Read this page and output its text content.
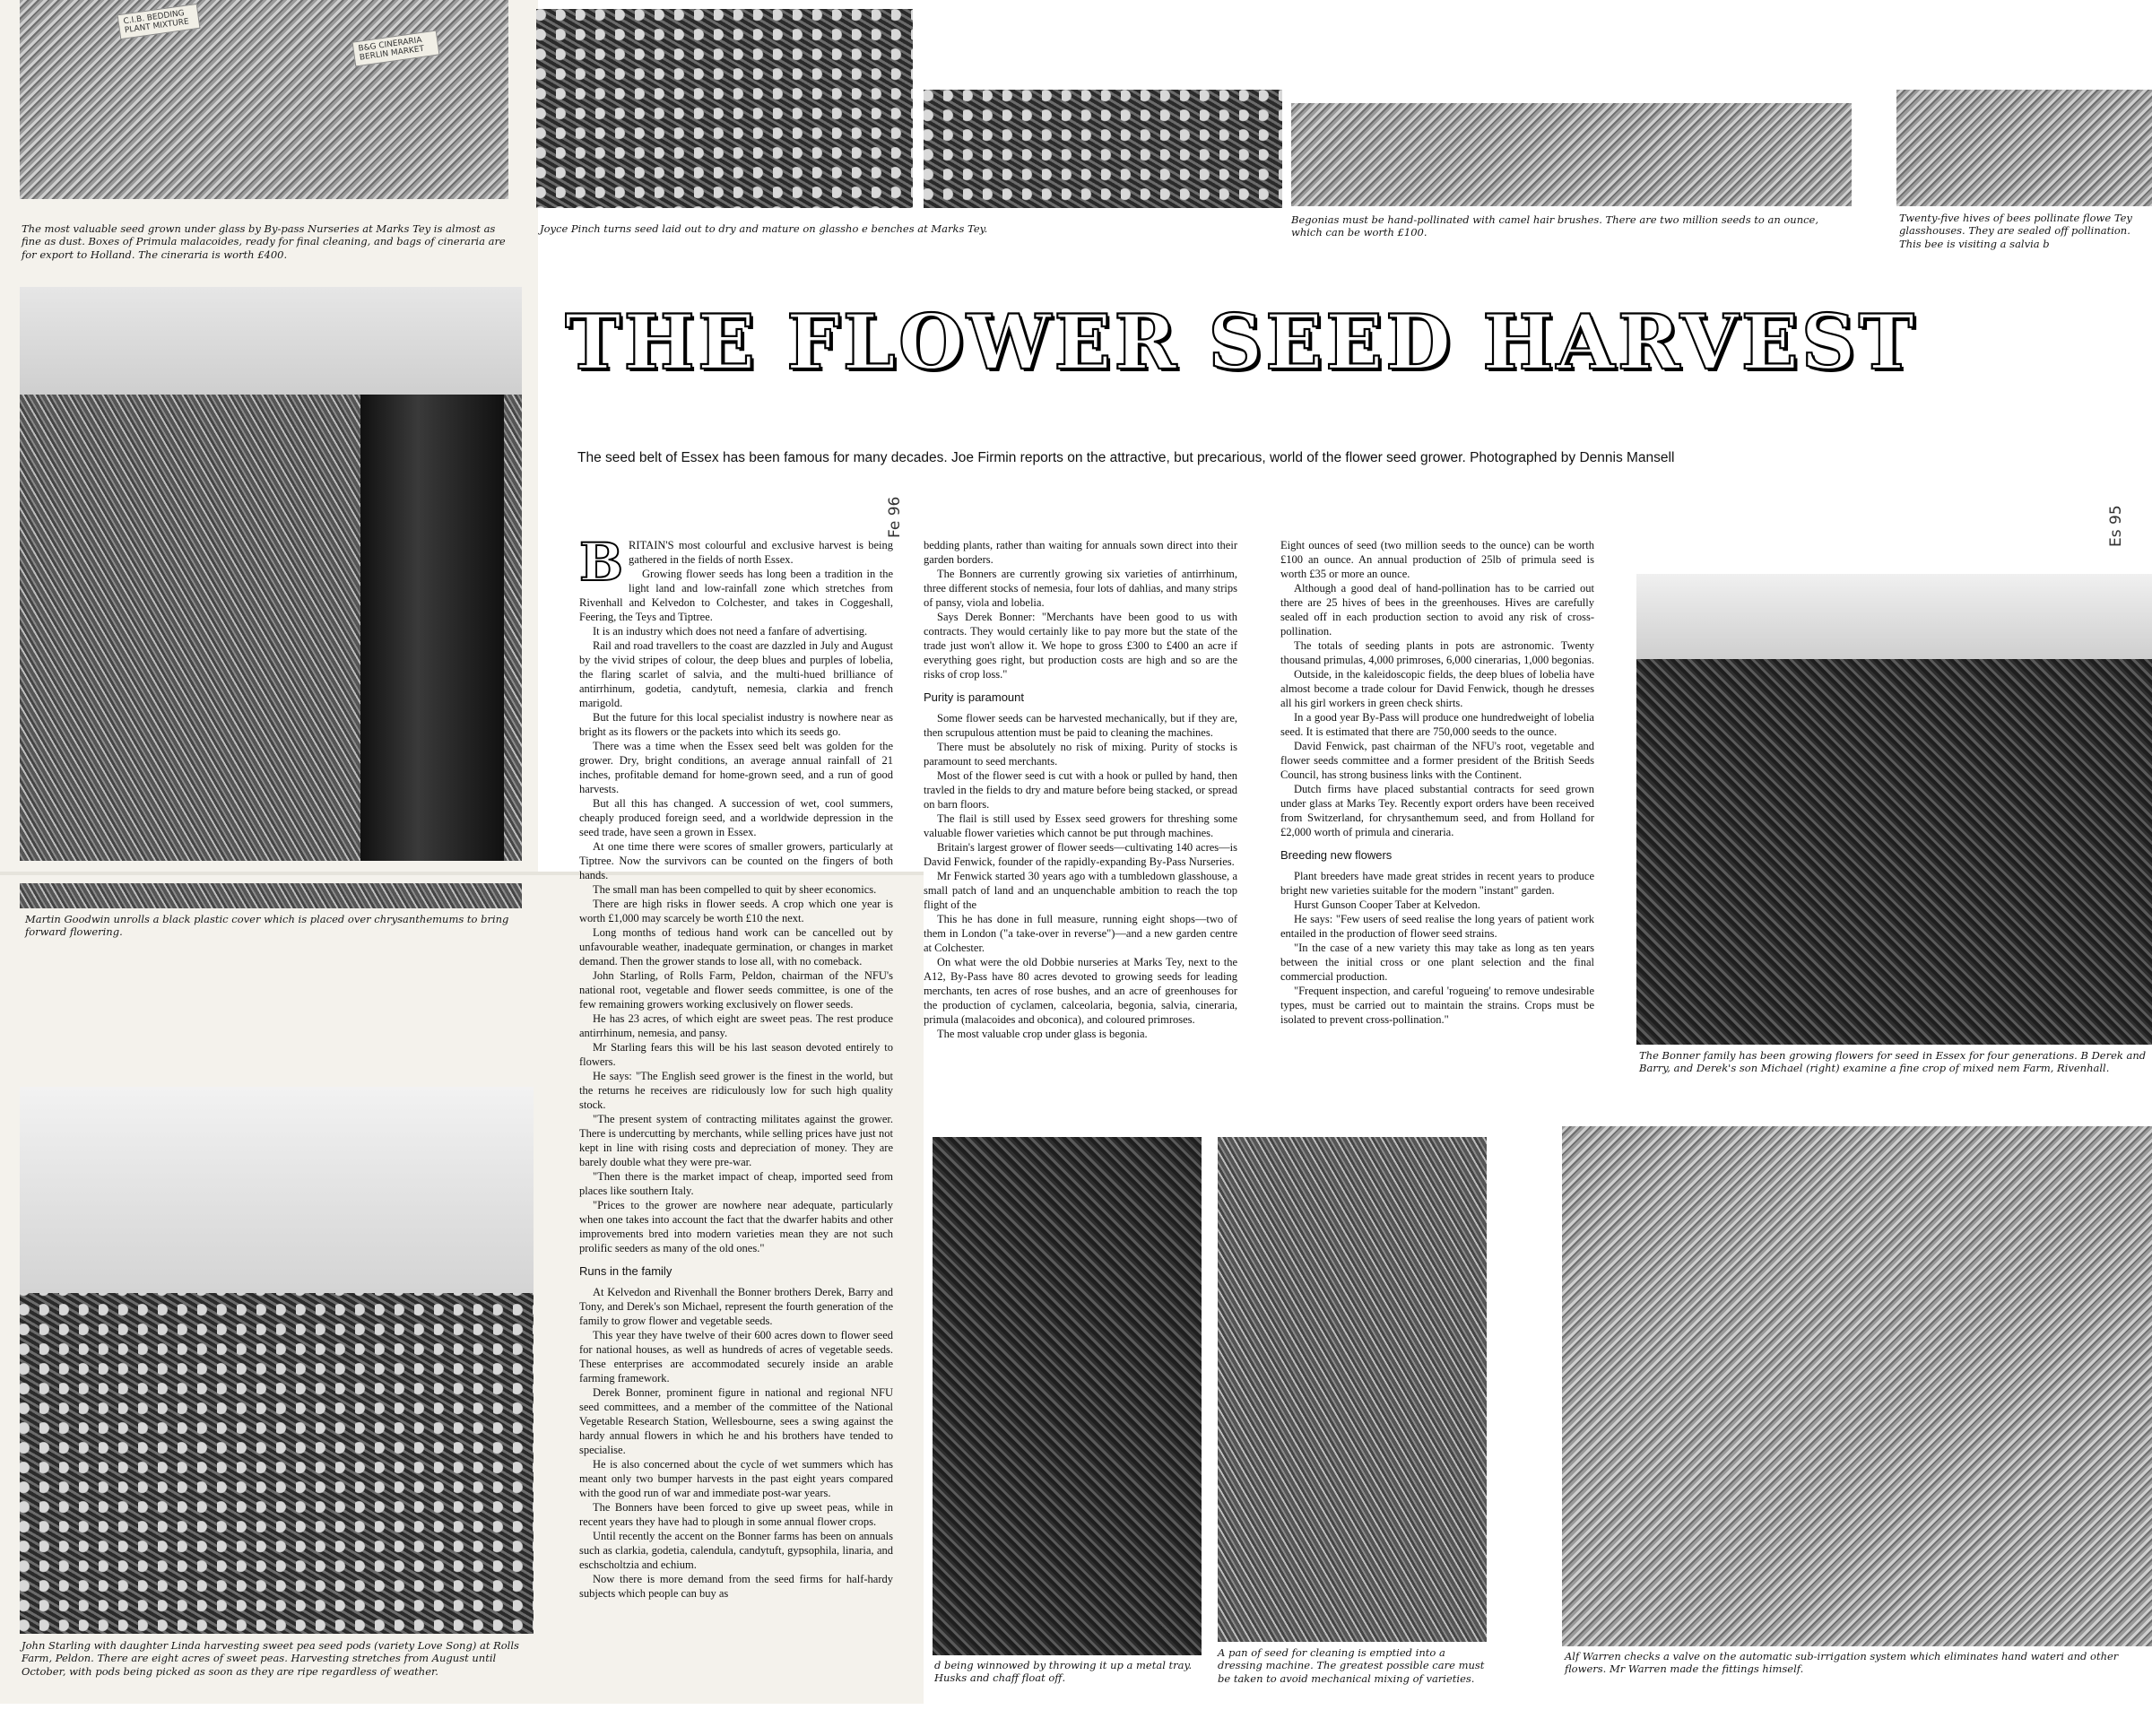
C.I.B. BEDDING PLANT MIXTURE
B&G CINERARIA BERLIN MARKET
The most valuable seed grown under glass by By-pass Nurseries at Marks Tey is almost as fine as dust. Boxes of Primula malacoides, ready for final cleaning, and bags of cineraria are for export to Holland. The cineraria is worth £400.
Martin Goodwin unrolls a black plastic cover which is placed over chrysanthemums to bring forward flowering.
John Starling with daughter Linda harvesting sweet pea seed pods (variety Love Song) at Rolls Farm, Peldon. There are eight acres of sweet peas. Harvesting stretches from August until October, with pods being picked as soon as they are ripe regardless of weather.
Joyce Pinch turns seed laid out to dry and mature on glassho e benches at Marks Tey.
Begonias must be hand-pollinated with camel hair brushes. There are two million seeds to an ounce, which can be worth £100.
Twenty-five hives of bees pollinate flowe Tey glasshouses. They are sealed off pollination. This bee is visiting a salvia b
THE FLOWER SEED HARVEST
The seed belt of Essex has been famous for many decades. Joe Firmin reports on the attractive, but precarious, world of the flower seed grower. Photographed by Dennis Mansell
Fe 96	Es 95
B RITAIN'S most colourful and exclusive harvest is being gathered in the fields of north Essex.

Growing flower seeds has long been a tradition in the light land and low-rainfall zone which stretches from Rivenhall and Kelvedon to Colchester, and takes in Coggeshall, Feering, the Teys and Tiptree.

It is an industry which does not need a fanfare of advertising.

Rail and road travellers to the coast are dazzled in July and August by the vivid stripes of colour, the deep blues and purples of lobelia, the flaring scarlet of salvia, and the multi-hued brilliance of antirrhinum, godetia, candytuft, nemesia, clarkia and french marigold.

But the future for this local specialist industry is nowhere near as bright as its flowers or the packets into which its seeds go.

There was a time when the Essex seed belt was golden for the grower. Dry, bright conditions, an average annual rainfall of 21 inches, profitable demand for home-grown seed, and a run of good harvests.

But all this has changed. A succession of wet, cool summers, cheaply produced foreign seed, and a worldwide depression in the seed trade, have seen a grown in Essex.

At one time there were scores of smaller growers, particularly at Tiptree. Now the survivors can be counted on the fingers of both hands.

The small man has been compelled to quit by sheer economics.

There are high risks in flower seeds. A crop which one year is worth £1,000 may scarcely be worth £10 the next.

Long months of tedious hand work can be cancelled out by unfavourable weather, inadequate germination, or changes in market demand. Then the grower stands to lose all, with no comeback.

John Starling, of Rolls Farm, Peldon, chairman of the NFU's national root, vegetable and flower seeds committee, is one of the few remaining growers working exclusively on flower seeds.

He has 23 acres, of which eight are sweet peas. The rest produce antirrhinum, nemesia, and pansy.

Mr Starling fears this will be his last season devoted entirely to flowers.

He says: "The English seed grower is the finest in the world, but the returns he receives are ridiculously low for such high quality stock.

"The present system of contracting militates against the grower. There is undercutting by merchants, while selling prices have just not kept in line with rising costs and depreciation of money. They are barely double what they were pre-war.

"Then there is the market impact of cheap, imported seed from places like southern Italy.

"Prices to the grower are nowhere near adequate, particularly when one takes into account the fact that the dwarfer habits and other improvements bred into modern varieties mean they are not such prolific seeders as many of the old ones."

Runs in the family

At Kelvedon and Rivenhall the Bonner brothers Derek, Barry and Tony, and Derek's son Michael, represent the fourth generation of the family to grow flower and vegetable seeds.

This year they have twelve of their 600 acres down to flower seed for national houses, as well as hundreds of acres of vegetable seeds. These enterprises are accommodated securely inside an arable farming framework.

Derek Bonner, prominent figure in national and regional NFU seed committees, and a member of the committee of the National Vegetable Research Station, Wellesbourne, sees a swing against the hardy annual flowers in which he and his brothers have tended to specialise.

He is also concerned about the cycle of wet summers which has meant only two bumper harvests in the past eight years compared with the good run of war and immediate post-war years.

The Bonners have been forced to give up sweet peas, while in recent years they have had to plough in some annual flower crops.

Until recently the accent on the Bonner farms has been on annuals such as clarkia, godetia, calendula, candytuft, gypsophila, linaria, and eschscholtzia and echium.

Now there is more demand from the seed firms for half-hardy subjects which people can buy as

bedding plants, rather than waiting for annuals sown direct into their garden borders.

The Bonners are currently growing six varieties of antirrhinum, three different stocks of nemesia, four lots of dahlias, and many strips of pansy, viola and lobelia.

Says Derek Bonner: "Merchants have been good to us with contracts. They would certainly like to pay more but the state of the trade just won't allow it. We hope to gross £300 to £400 an acre if everything goes right, but production costs are high and so are the risks of crop loss."

Purity is paramount

Some flower seeds can be harvested mechanically, but if they are, then scrupulous attention must be paid to cleaning the machines.

There must be absolutely no risk of mixing. Purity of stocks is paramount to seed merchants.

Most of the flower seed is cut with a hook or pulled by hand, then travled in the fields to dry and mature before being stacked, or spread on barn floors.

The flail is still used by Essex seed growers for threshing some valuable flower varieties which cannot be put through machines.

Britain's largest grower of flower seeds—cultivating 140 acres—is David Fenwick, founder of the rapidly-expanding By-Pass Nurseries.

Mr Fenwick started 30 years ago with a tumbledown glasshouse, a small patch of land and an unquenchable ambition to reach the top flight of the

This he has done in full measure, running eight shops—two of them in London ("a take-over in reverse")—and a new garden centre at Colchester.

On what were the old Dobbie nurseries at Marks Tey, next to the A12, By-Pass have 80 acres devoted to growing seeds for leading merchants, ten acres of rose bushes, and an acre of greenhouses for the production of cyclamen, calceolaria, begonia, salvia, cineraria, primula (malacoides and obconica), and coloured primroses.

The most valuable crop under glass is begonia.

Eight ounces of seed (two million seeds to the ounce) can be worth £100 an ounce. An annual production of 25lb of primula seed is worth £35 or more an ounce.

Although a good deal of hand-pollination has to be carried out there are 25 hives of bees in the greenhouses. Hives are carefully sealed off in each production section to avoid any risk of cross-pollination.

The totals of seeding plants in pots are astronomic. Twenty thousand primulas, 4,000 primroses, 6,000 cinerarias, 1,000 begonias.

Outside, in the kaleidoscopic fields, the deep blues of lobelia have almost become a trade colour for David Fenwick, though he dresses all his girl workers in green check shirts.

In a good year By-Pass will produce one hundredweight of lobelia seed. It is estimated that there are 750,000 seeds to the ounce.

David Fenwick, past chairman of the NFU's root, vegetable and flower seeds committee and a former president of the British Seeds Council, has strong business links with the Continent.

Dutch firms have placed substantial contracts for seed grown under glass at Marks Tey. Recently export orders have been received from Switzerland, for chrysanthemum seed, and from Holland for £2,000 worth of primula and cineraria.

Breeding new flowers

Plant breeders have made great strides in recent years to produce bright new varieties suitable for the modern "instant" garden.

Hurst Gunson Cooper Taber at Kelvedon.

He says: "Few users of seed realise the long years of patient work entailed in the production of flower seed strains.

"In the case of a new variety this may take as long as ten years between the initial cross or one plant selection and the final commercial production.

"Frequent inspection, and careful 'rogueing' to remove undesirable types, must be carried out to maintain the strains. Crops must be isolated to prevent cross-pollination."

The Bonner family has been growing flowers for seed in Essex for four generations. B Derek and Barry, and Derek's son Michael (right) examine a fine crop of mixed nem Farm, Rivenhall.
d being winnowed by throwing it up a metal tray. Husks and chaff float off.
A pan of seed for cleaning is emptied into a dressing machine. The greatest possible care must be taken to avoid mechanical mixing of varieties.
Alf Warren checks a valve on the automatic sub-irrigation system which eliminates hand wateri and other flowers. Mr Warren made the fittings himself.
